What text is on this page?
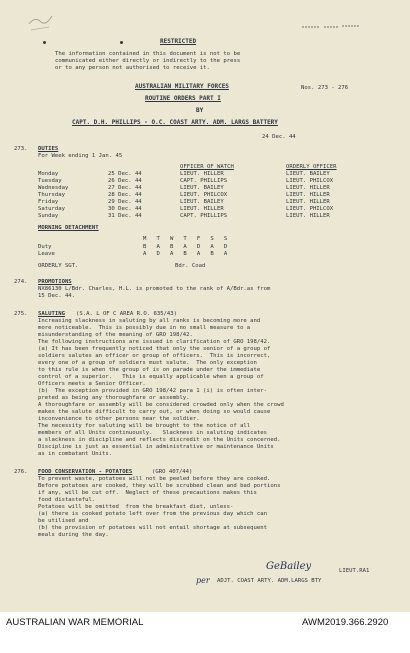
RESTRICTED
The information contained in this document is not to be
communicated either directly or indirectly to the press
or to any person not authorised to receive it.
AUSTRALIAN MILITARY FORCES	Nos. 273 - 276
ROUTINE ORDERS PART I
BY
CAPT. D.H. PHILLIPS - O.C. COAST ARTY. ADM. LARGS BATTERY
24 Dec. 44
273. DUTIES
For Week ending 1 Jan. 45
OFFICER OF WATCH	ORDERLY OFFICER
Monday	25 Dec. 44	LIEUT. HILLER	LIEUT. BAILEY
Tuesday	26 Dec. 44	CAPT. PHILLIPS	LIEUT. PHILCOX
Wednesday	27 Dec. 44	LIEUT. BAILEY	LIEUT. HILLER
Thursday	28 Dec. 44	LIEUT. PHILCOX	LIEUT. HILLER
Friday	29 Dec. 44	LIEUT. BAILEY	LIEUT. HILLER
Saturday	30 Dec. 44	LIEUT. HILLER	LIEUT. PHILCOX
Sunday	31 Dec. 44	CAPT. PHILLIPS	LIEUT. HILLER
MORNING DETACHMENT
M   T   W   T   F   S   S
Duty	B   A   B   A   D   A   D
Leave	A   D   A   B   A   B   A
ORDERLY SGT.	Bdr. Coad
274. PROMOTIONS
NX86130 L/Bdr. Charles, H.L. is promoted to the rank of A/Bdr.as from
15 Dec. 44.
275. SALUTING (S.A. L OF C AREA R.O. 635/43)
Increasing slackness in saluting by all ranks is becoming more and
more noticeable.  This is possibly due in no small measure to a
misunderstanding of the meaning of GRO 198/42.
The following instructions are issued in clarification of GRO 198/42.
(a) It has been frequently noticed that only the senior of a group of
soldiers salutes an officer or group of officers.  This is incorrect,
every one of a group of soldiers must salute.  The only exception
to this rule is when the group of is on parade under the immediate
control of a superior.   This is equally applicable when a group of
Officers meets a Senior Officer.
(b)  The exception provided in GRO 198/42 para 1 (i) is often inter-
preted as being any thoroughfare or assembly.
A thoroughfare or assembly will be considered crowded only when the crowd
makes the salute difficult to carry out, or when doing so would cause
inconvenience to other persons near the soldier.
The necessity for saluting will be brought to the notice of all
members of all Units continuously.   Slackness in saluting indicates
a slackness in discipline and reflects discredit on the Units concerned.
Discipline is just as essential in administrative or maintenance Units
as in combatant Units.
276. FOOD CONSERVATION - POTATOES	(GRO 407/44)
To prevent waste, potatoes will not be peeled before they are cooked.
Before potatoes are cooked, they will be scrubbed clean and bad portions
if any, will be cut off.  Neglect of these precautions makes this
food distasteful.
Potatoes will be omitted  from the breakfast diet, unless-
(a) there is cooked potato left over from the previous day which can
be utilised and
(b) the provision of potatoes will not entail shortage at subsequent
meals during the day.
GeBailey	LIEUT.RA1
per ADJT. COAST ARTY. ADM.LARGS BTY
AUSTRALIAN WAR MEMORIAL	AWM2019.366.2920
